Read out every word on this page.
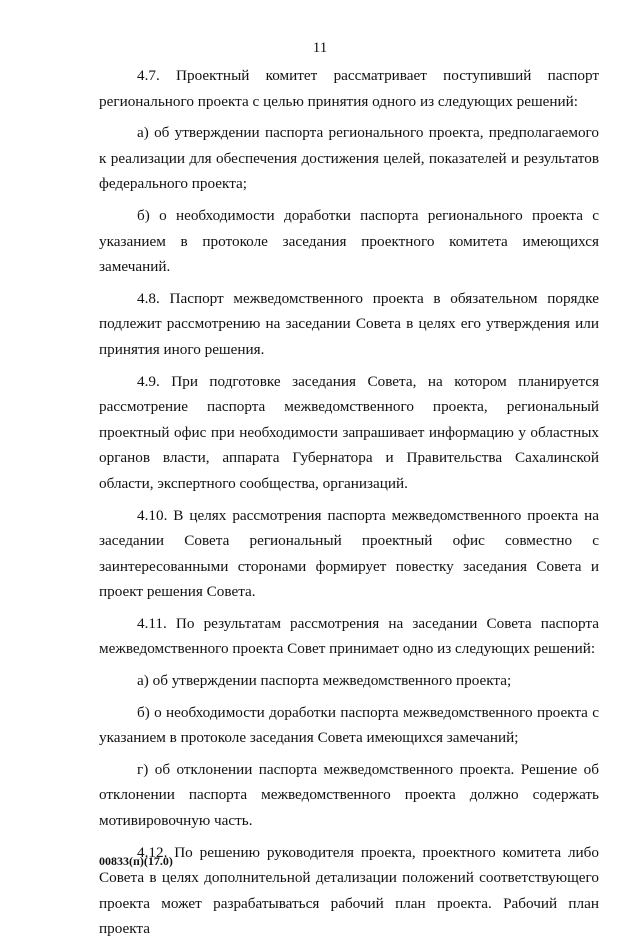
11

4.7. Проектный комитет рассматривает поступивший паспорт регионального проекта с целью принятия одного из следующих решений:

а) об утверждении паспорта регионального проекта, предполагаемого к реализации для обеспечения достижения целей, показателей и результатов федерального проекта;

б) о необходимости доработки паспорта регионального проекта с указанием в протоколе заседания проектного комитета имеющихся замечаний.

4.8. Паспорт межведомственного проекта в обязательном порядке подлежит рассмотрению на заседании Совета в целях его утверждения или принятия иного решения.

4.9. При подготовке заседания Совета, на котором планируется рассмотрение паспорта межведомственного проекта, региональный проектный офис при необходимости запрашивает информацию у областных органов власти, аппарата Губернатора и Правительства Сахалинской области, экспертного сообщества, организаций.

4.10. В целях рассмотрения паспорта межведомственного проекта на заседании Совета региональный проектный офис совместно с заинтересованными сторонами формирует повестку заседания Совета и проект решения Совета.

4.11. По результатам рассмотрения на заседании Совета паспорта межведомственного проекта Совет принимает одно из следующих решений:

а) об утверждении паспорта межведомственного проекта;

б) о необходимости доработки паспорта межведомственного проекта с указанием в протоколе заседания Совета имеющихся замечаний;

г) об отклонении паспорта межведомственного проекта. Решение об отклонении паспорта межведомственного проекта должно содержать мотивировочную часть.

4.12. По решению руководителя проекта, проектного комитета либо Совета в целях дополнительной детализации положений соответствующего проекта может разрабатываться рабочий план проекта. Рабочий план проекта

00833(п)(17.0)
